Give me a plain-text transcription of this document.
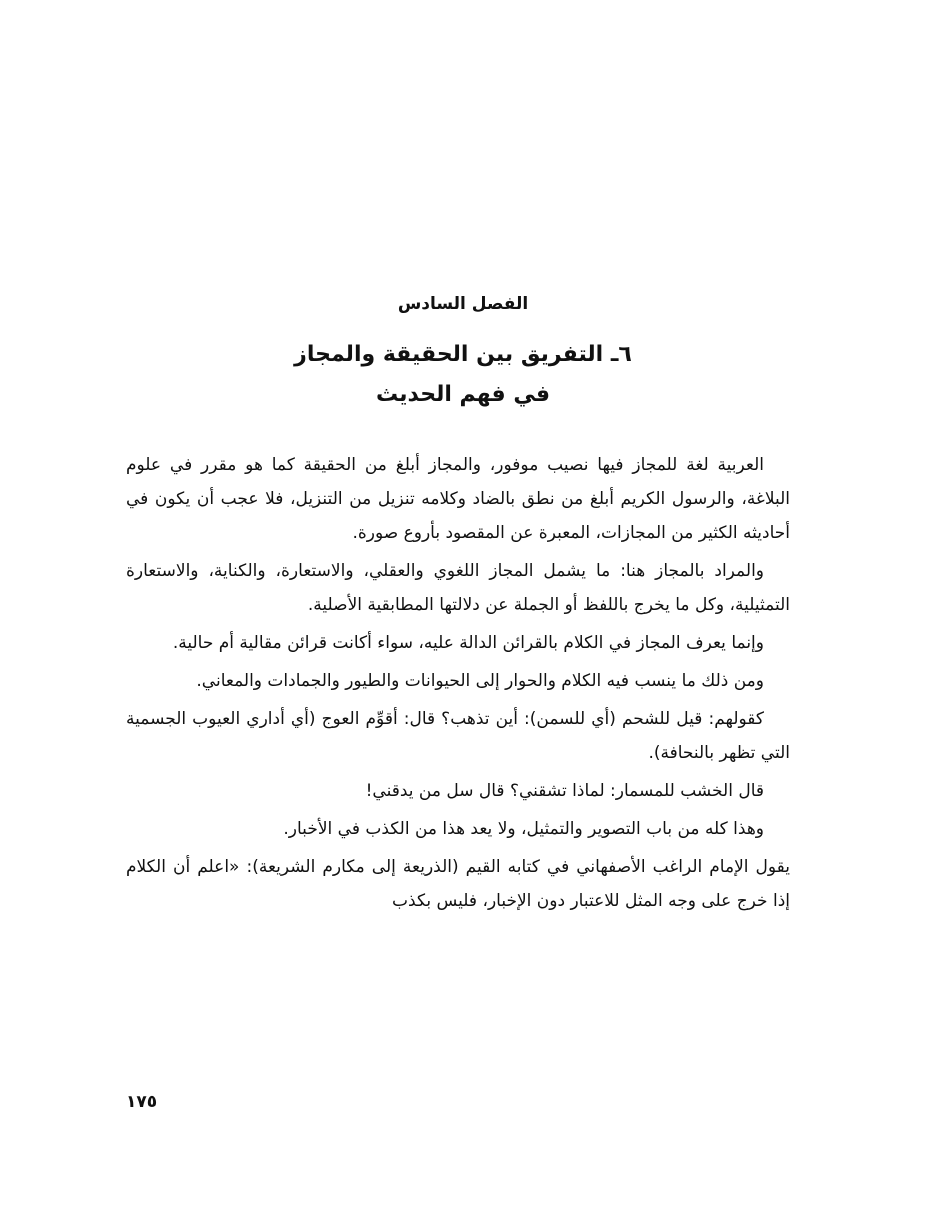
الفصل السادس
٦ـ التفريق بين الحقيقة والمجاز
في فهم الحديث

العربية لغة للمجاز فيها نصيب موفور، والمجاز أبلغ من الحقيقة كما هو مقرر في علوم البلاغة، والرسول الكريم أبلغ من نطق بالضاد وكلامه تنزيل من التنزيل، فلا عجب أن يكون في أحاديثه الكثير من المجازات، المعبرة عن المقصود بأروع صورة.

والمراد بالمجاز هنا: ما يشمل المجاز اللغوي والعقلي، والاستعارة، والكناية، والاستعارة التمثيلية، وكل ما يخرج باللفظ أو الجملة عن دلالتها المطابقية الأصلية.

وإنما يعرف المجاز في الكلام بالقرائن الدالة عليه، سواء أكانت قرائن مقالية أم حالية.

ومن ذلك ما ينسب فيه الكلام والحوار إلى الحيوانات والطيور والجمادات والمعاني.

كقولهم: قيل للشحم (أي للسمن): أين تذهب؟ قال: أقوِّم العوج (أي أداري العيوب الجسمية التي تظهر بالنحافة).

قال الخشب للمسمار: لماذا تشقني؟ قال سل من يدقني!

وهذا كله من باب التصوير والتمثيل، ولا يعد هذا من الكذب في الأخبار.

يقول الإمام الراغب الأصفهاني في كتابه القيم (الذريعة إلى مكارم الشريعة): «اعلم أن الكلام إذا خرج على وجه المثل للاعتبار دون الإخبار، فليس بكذب

١٧٥
